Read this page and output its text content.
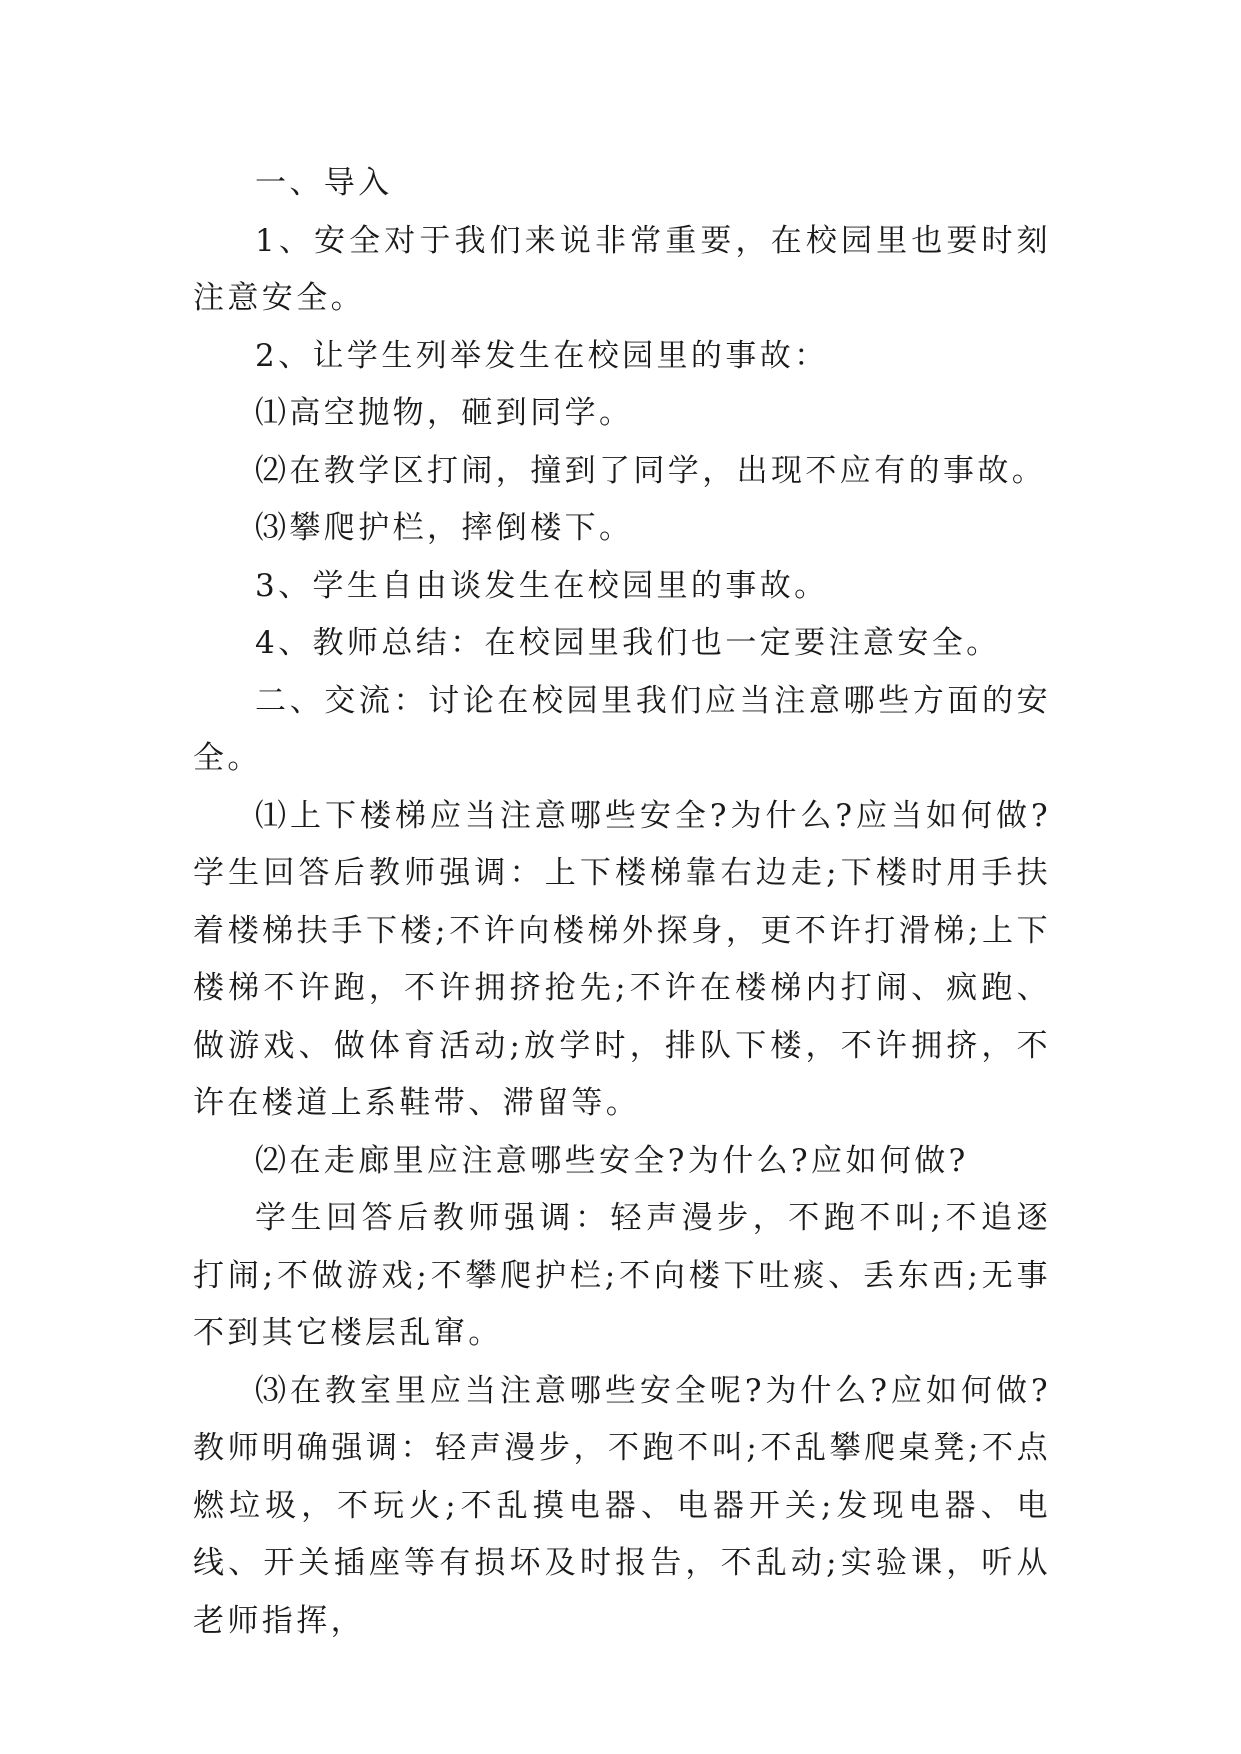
一、导入

1、安全对于我们来说非常重要，在校园里也要时刻注意安全。

2、让学生列举发生在校园里的事故：

⑴高空抛物，砸到同学。

⑵在教学区打闹，撞到了同学，出现不应有的事故。

⑶攀爬护栏，摔倒楼下。

3、学生自由谈发生在校园里的事故。

4、教师总结：在校园里我们也一定要注意安全。

二、交流：讨论在校园里我们应当注意哪些方面的安全。

⑴上下楼梯应当注意哪些安全?为什么?应当如何做? 学生回答后教师强调：上下楼梯靠右边走;下楼时用手扶着楼梯扶手下楼;不许向楼梯外探身，更不许打滑梯;上下楼梯不许跑，不许拥挤抢先;不许在楼梯内打闹、疯跑、做游戏、做体育活动;放学时，排队下楼，不许拥挤，不许在楼道上系鞋带、滞留等。

⑵在走廊里应注意哪些安全?为什么?应如何做?

学生回答后教师强调：轻声漫步，不跑不叫;不追逐打闹;不做游戏;不攀爬护栏;不向楼下吐痰、丢东西;无事不到其它楼层乱窜。

⑶在教室里应当注意哪些安全呢?为什么?应如何做? 教师明确强调：轻声漫步，不跑不叫;不乱攀爬桌凳;不点燃垃圾，不玩火;不乱摸电器、电器开关;发现电器、电线、开关插座等有损坏及时报告，不乱动;实验课，听从老师指挥，
